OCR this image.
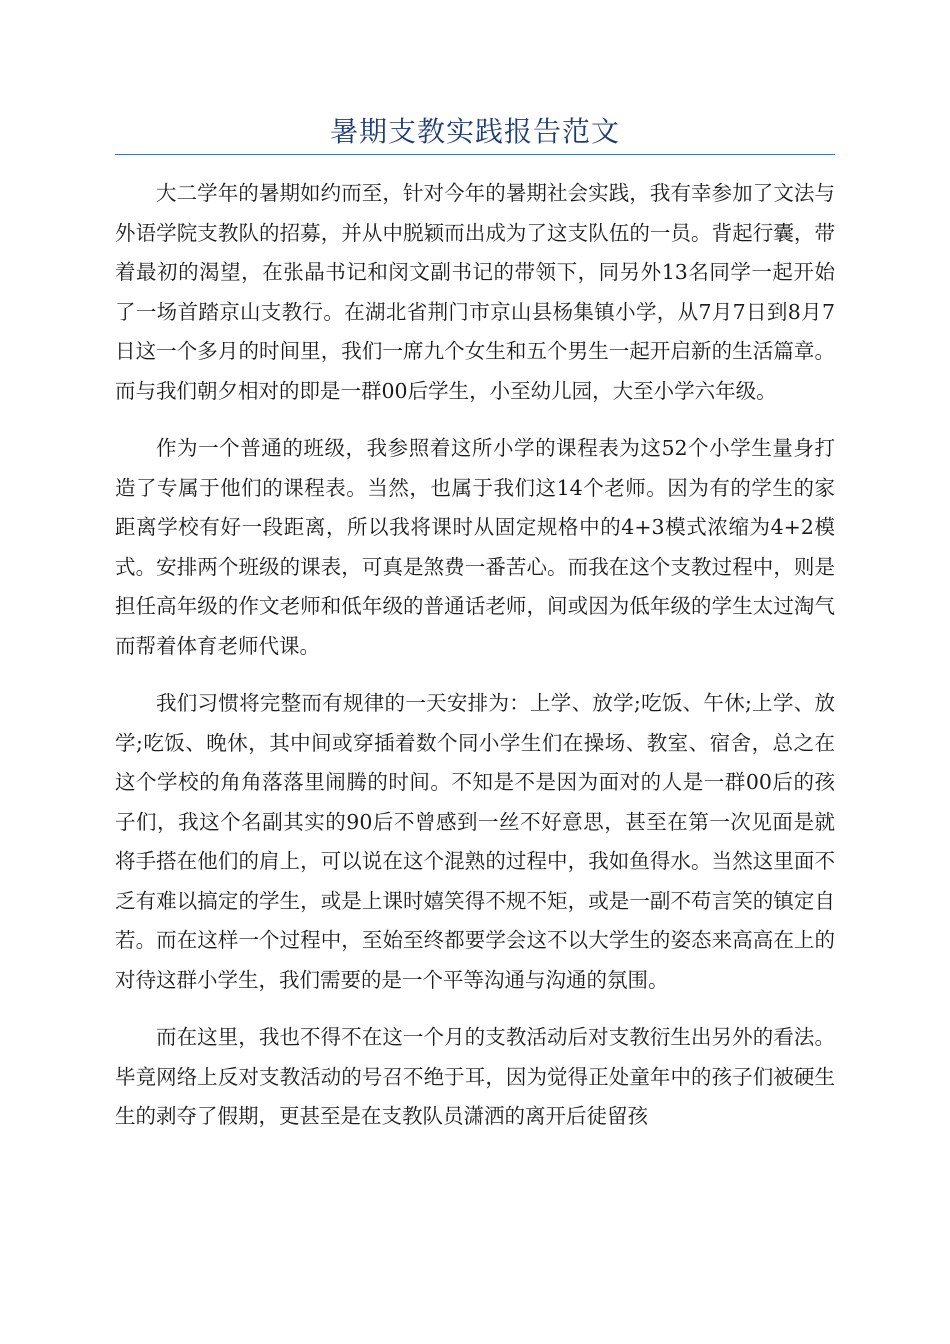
暑期支教实践报告范文

大二学年的暑期如约而至，针对今年的暑期社会实践，我有幸参加了文法与外语学院支教队的招募，并从中脱颖而出成为了这支队伍的一员。背起行囊，带着最初的渴望，在张晶书记和闵文副书记的带领下，同另外13名同学一起开始了一场首踏京山支教行。在湖北省荆门市京山县杨集镇小学，从7月7日到8月7日这一个多月的时间里，我们一席九个女生和五个男生一起开启新的生活篇章。而与我们朝夕相对的即是一群00后学生，小至幼儿园，大至小学六年级。

作为一个普通的班级，我参照着这所小学的课程表为这52个小学生量身打造了专属于他们的课程表。当然，也属于我们这14个老师。因为有的学生的家距离学校有好一段距离，所以我将课时从固定规格中的4+3模式浓缩为4+2模式。安排两个班级的课表，可真是煞费一番苦心。而我在这个支教过程中，则是担任高年级的作文老师和低年级的普通话老师，间或因为低年级的学生太过淘气而帮着体育老师代课。

我们习惯将完整而有规律的一天安排为：上学、放学;吃饭、午休;上学、放学;吃饭、晚休，其中间或穿插着数个同小学生们在操场、教室、宿舍，总之在这个学校的角角落落里闹腾的时间。不知是不是因为面对的人是一群00后的孩子们，我这个名副其实的90后不曾感到一丝不好意思，甚至在第一次见面是就将手搭在他们的肩上，可以说在这个混熟的过程中，我如鱼得水。当然这里面不乏有难以搞定的学生，或是上课时嬉笑得不规不矩，或是一副不苟言笑的镇定自若。而在这样一个过程中，至始至终都要学会这不以大学生的姿态来高高在上的对待这群小学生，我们需要的是一个平等沟通与沟通的氛围。

而在这里，我也不得不在这一个月的支教活动后对支教衍生出另外的看法。毕竟网络上反对支教活动的号召不绝于耳，因为觉得正处童年中的孩子们被硬生生的剥夺了假期，更甚至是在支教队员潇洒的离开后徒留孩
